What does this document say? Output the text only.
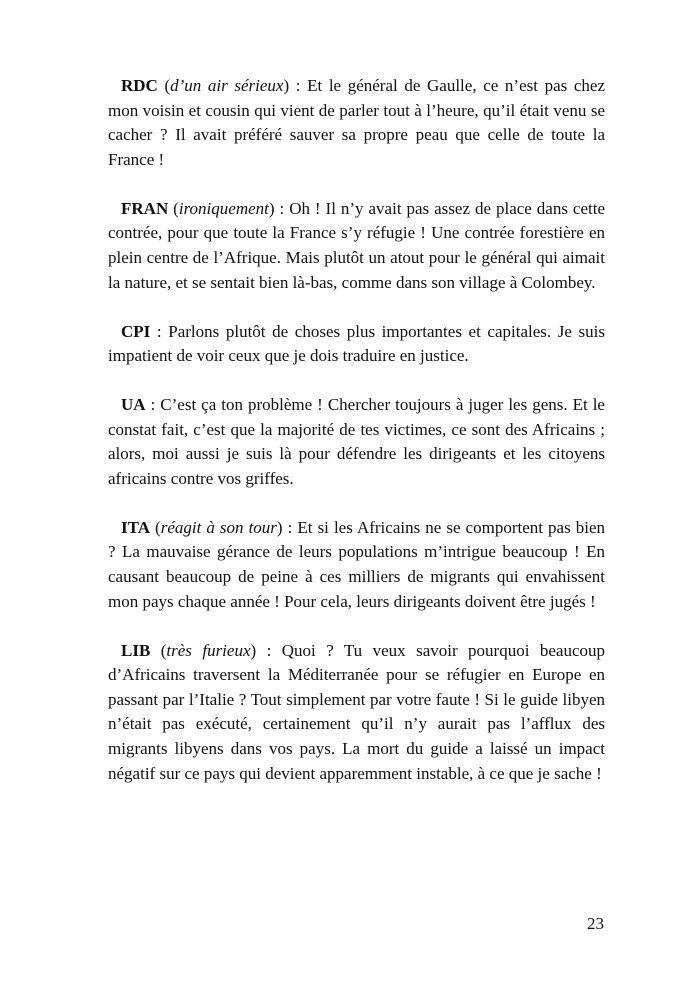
RDC (d’un air sérieux) : Et le général de Gaulle, ce n’est pas chez mon voisin et cousin qui vient de parler tout à l’heure, qu’il était venu se cacher ? Il avait préféré sauver sa propre peau que celle de toute la France !

FRAN (ironiquement) : Oh ! Il n’y avait pas assez de place dans cette contrée, pour que toute la France s’y réfugie ! Une contrée forestière en plein centre de l’Afrique. Mais plutôt un atout pour le général qui aimait la nature, et se sentait bien là-bas, comme dans son village à Colombey.

CPI : Parlons plutôt de choses plus importantes et capitales. Je suis impatient de voir ceux que je dois traduire en justice.

UA : C’est ça ton problème ! Chercher toujours à juger les gens. Et le constat fait, c’est que la majorité de tes victimes, ce sont des Africains ; alors, moi aussi je suis là pour défendre les dirigeants et les citoyens africains contre vos griffes.

ITA (réagit à son tour) : Et si les Africains ne se comportent pas bien ? La mauvaise gérance de leurs populations m’intrigue beaucoup ! En causant beaucoup de peine à ces milliers de migrants qui envahissent mon pays chaque année ! Pour cela, leurs dirigeants doivent être jugés !

LIB (très furieux) : Quoi ? Tu veux savoir pourquoi beaucoup d’Africains traversent la Méditerranée pour se réfugier en Europe en passant par l’Italie ? Tout simplement par votre faute ! Si le guide libyen n’était pas exécuté, certainement qu’il n’y aurait pas l’afflux des migrants libyens dans vos pays. La mort du guide a laissé un impact négatif sur ce pays qui devient apparemment instable, à ce que je sache !

23
